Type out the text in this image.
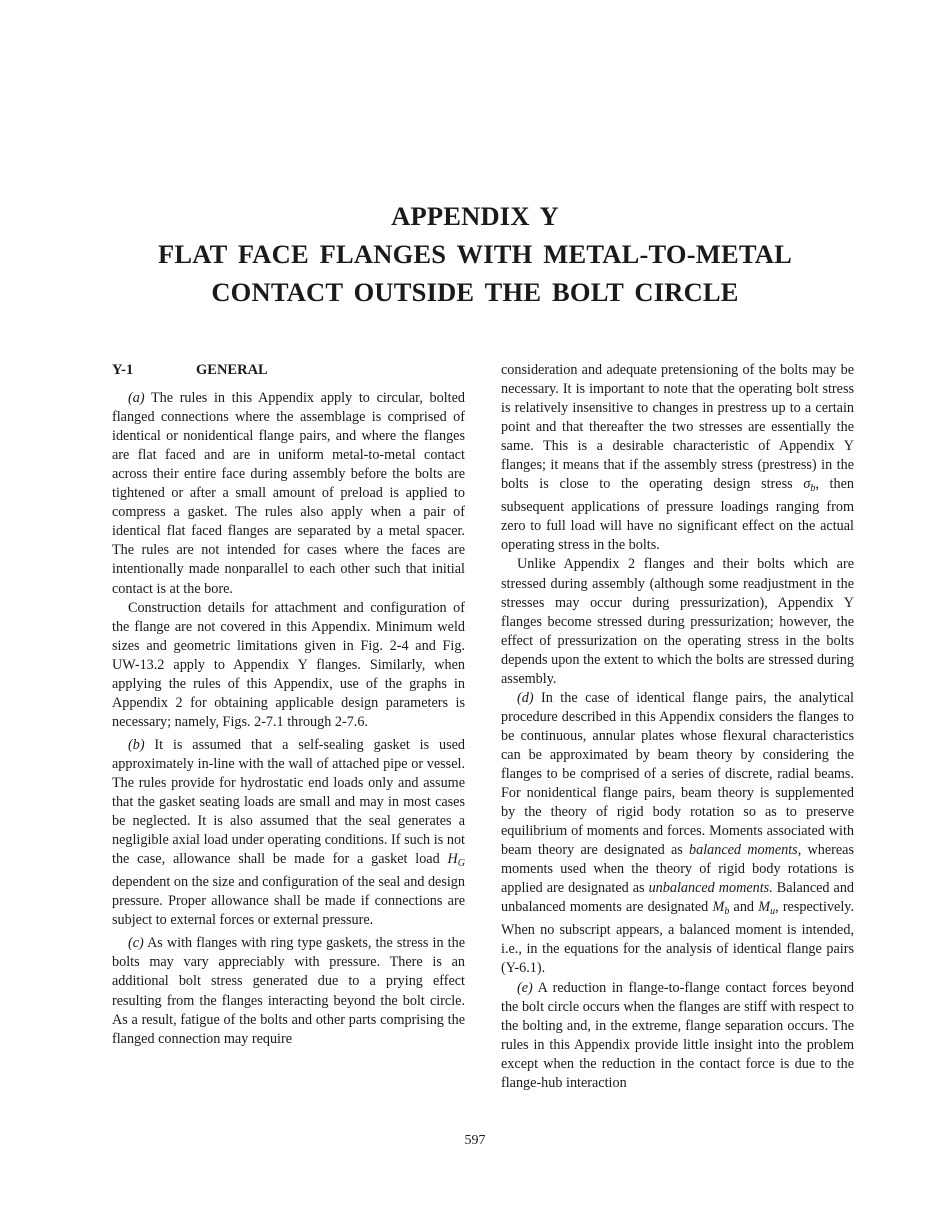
APPENDIX Y
FLAT FACE FLANGES WITH METAL-TO-METAL
CONTACT OUTSIDE THE BOLT CIRCLE
Y-1	GENERAL

(a) The rules in this Appendix apply to circular, bolted flanged connections where the assemblage is comprised of identical or nonidentical flange pairs, and where the flanges are flat faced and are in uniform metal-to-metal contact across their entire face during assembly before the bolts are tightened or after a small amount of preload is applied to compress a gasket. The rules also apply when a pair of identical flat faced flanges are separated by a metal spacer. The rules are not intended for cases where the faces are intentionally made nonparallel to each other such that initial contact is at the bore.

Construction details for attachment and configuration of the flange are not covered in this Appendix. Minimum weld sizes and geometric limitations given in Fig. 2-4 and Fig. UW-13.2 apply to Appendix Y flanges. Similarly, when applying the rules of this Appendix, use of the graphs in Appendix 2 for obtaining applicable design parameters is necessary; namely, Figs. 2-7.1 through 2-7.6.

(b) It is assumed that a self-sealing gasket is used approximately in-line with the wall of attached pipe or vessel. The rules provide for hydrostatic end loads only and assume that the gasket seating loads are small and may in most cases be neglected. It is also assumed that the seal generates a negligible axial load under operating conditions. If such is not the case, allowance shall be made for a gasket load $H_G$ dependent on the size and configuration of the seal and design pressure. Proper allowance shall be made if connections are subject to external forces or external pressure.

(c) As with flanges with ring type gaskets, the stress in the bolts may vary appreciably with pressure. There is an additional bolt stress generated due to a prying effect resulting from the flanges interacting beyond the bolt circle. As a result, fatigue of the bolts and other parts comprising the flanged connection may require

consideration and adequate pretensioning of the bolts may be necessary. It is important to note that the operating bolt stress is relatively insensitive to changes in prestress up to a certain point and that thereafter the two stresses are essentially the same. This is a desirable characteristic of Appendix Y flanges; it means that if the assembly stress (prestress) in the bolts is close to the operating design stress $\sigma_b$, then subsequent applications of pressure loadings ranging from zero to full load will have no significant effect on the actual operating stress in the bolts.

Unlike Appendix 2 flanges and their bolts which are stressed during assembly (although some readjustment in the stresses may occur during pressurization), Appendix Y flanges become stressed during pressurization; however, the effect of pressurization on the operating stress in the bolts depends upon the extent to which the bolts are stressed during assembly.

(d) In the case of identical flange pairs, the analytical procedure described in this Appendix considers the flanges to be continuous, annular plates whose flexural characteristics can be approximated by beam theory by considering the flanges to be comprised of a series of discrete, radial beams. For nonidentical flange pairs, beam theory is supplemented by the theory of rigid body rotation so as to preserve equilibrium of moments and forces. Moments associated with beam theory are designated as balanced moments, whereas moments used when the theory of rigid body rotations is applied are designated as unbalanced moments. Balanced and unbalanced moments are designated $M_b$ and $M_u$, respectively. When no subscript appears, a balanced moment is intended, i.e., in the equations for the analysis of identical flange pairs (Y-6.1).

(e) A reduction in flange-to-flange contact forces beyond the bolt circle occurs when the flanges are stiff with respect to the bolting and, in the extreme, flange separation occurs. The rules in this Appendix provide little insight into the problem except when the reduction in the contact force is due to the flange-hub interaction

597
